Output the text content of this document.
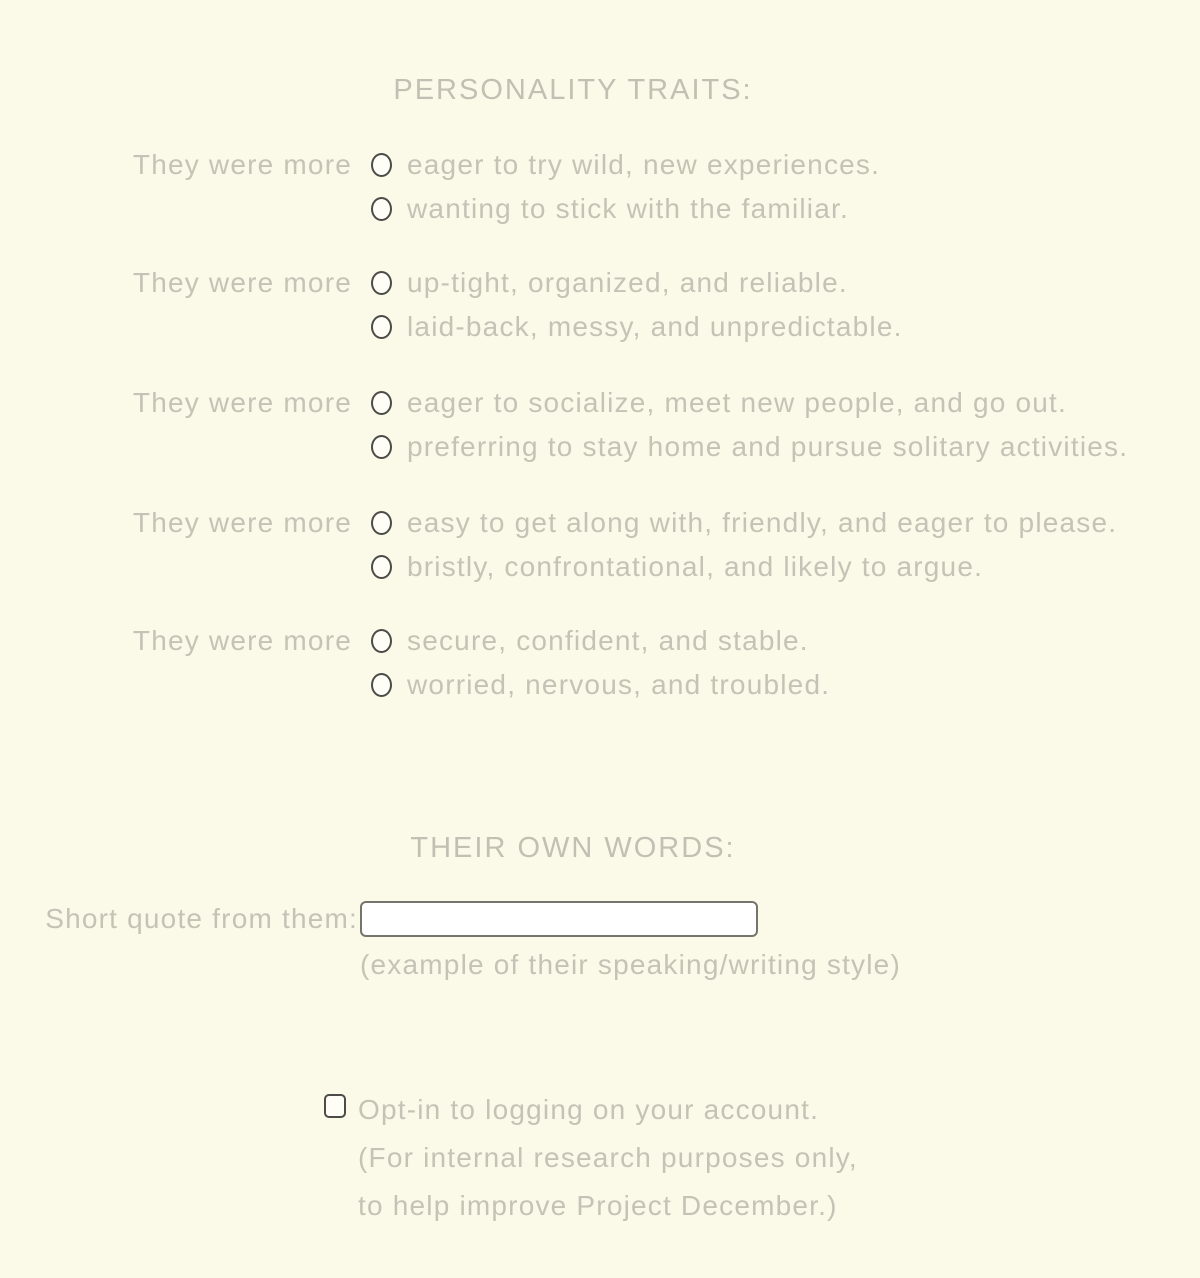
PERSONALITY TRAITS:
They were more eager to try wild, new experiences.
wanting to stick with the familiar.
They were more up-tight, organized, and reliable.
laid-back, messy, and unpredictable.
They were more eager to socialize, meet new people, and go out.
preferring to stay home and pursue solitary activities.
They were more easy to get along with, friendly, and eager to please.
bristly, confrontational, and likely to argue.
They were more secure, confident, and stable.
worried, nervous, and troubled.
THEIR OWN WORDS:
Short quote from them:
(example of their speaking/writing style)
Opt-in to logging on your account.
(For internal research purposes only,
to help improve Project December.)
